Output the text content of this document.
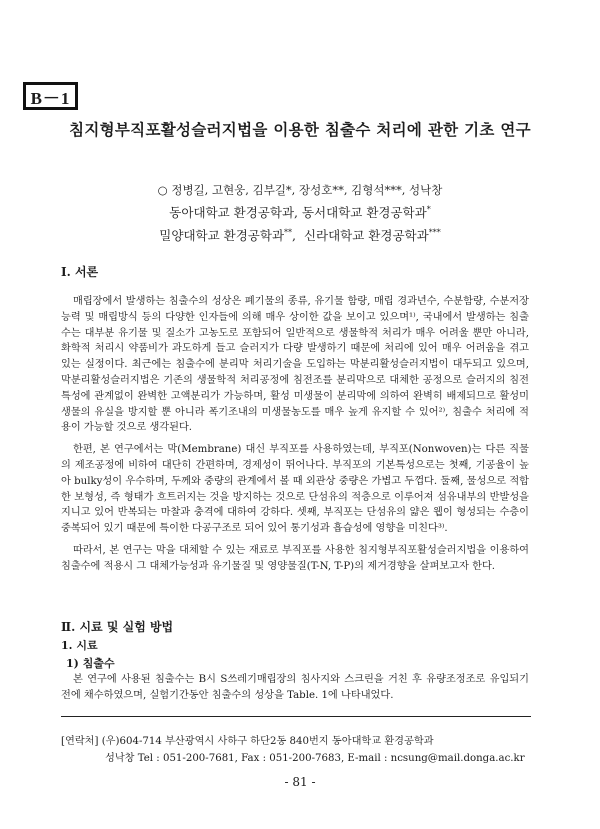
B－1
침지형부직포활성슬러지법을 이용한 침출수 처리에 관한 기초 연구
○ 정병길, 고현웅, 김부길*, 장성호**, 김형석***, 성낙창
동아대학교 환경공학과, 동서대학교 환경공학과*
밀양대학교 환경공학과**,  신라대학교 환경공학과***
Ⅰ. 서론

매립장에서 발생하는 침출수의 성상은 폐기물의 종류, 유기물 함량, 매립 경과년수, 수분함량, 수분저장능력 및 매립방식 등의 다양한 인자들에 의해 매우 상이한 값을 보이고 있으며¹⁾, 국내에서 발생하는 침출수는 대부분 유기물 및 질소가 고농도로 포함되어 일반적으로 생물학적 처리가 매우 어려울 뿐만 아니라, 화학적 처리시 약품비가 과도하게 들고 슬러지가 다량 발생하기 때문에 처리에 있어 매우 어려움을 겪고 있는 실정이다. 최근에는 침출수에 분리막 처리기술을 도입하는 막분리활성슬러지법이 대두되고 있으며, 막분리활성슬러지법은 기존의 생물학적 처리공정에 침전조를 분리막으로 대체한 공정으로 슬러지의 침전특성에 관계없이 완벽한 고액분리가 가능하며, 활성 미생물이 분리막에 의하여 완벽히 배제되므로 활성미생물의 유실을 방지할 뿐 아니라 폭기조내의 미생물농도를 매우 높게 유지할 수 있어²⁾, 침출수 처리에 적용이 가능할 것으로 생각된다.

한편, 본 연구에서는 막(Membrane) 대신 부직포를 사용하였는데, 부직포(Nonwoven)는 다른 직물의 제조공정에 비하여 대단히 간편하며, 경제성이 뛰어나다. 부직포의 기본특성으로는 첫째, 기공율이 높아 bulky성이 우수하며, 두께와 중량의 관계에서 볼 때 외관상 중량은 가볍고 두껍다. 둘째, 물성으로 적합한 보형성, 즉 형태가 흐트러지는 것을 방지하는 것으로 단섬유의 적층으로 이루어져 섬유내부의 반발성을 지니고 있어 반복되는 마찰과 충격에 대하여 강하다. 셋째, 부직포는 단섬유의 얇은 웹이 형성되는 수층이 중복되어 있기 때문에 특이한 다공구조로 되어 있어 통기성과 흡습성에 영향을 미친다³⁾.

따라서, 본 연구는 막을 대체할 수 있는 재료로 부직포를 사용한 침지형부직포활성슬러지법을 이용하여 침출수에 적용시 그 대체가능성과 유기물질 및 영양물질(T-N, T-P)의 제거경향을 살펴보고자 한다.

Ⅱ. 시료 및 실험 방법
1. 시료
1) 침출수

본 연구에 사용된 침출수는 B시 S쓰레기매립장의 침사지와 스크린을 거친 후 유량조정조로 유입되기 전에 채수하였으며, 실험기간동안 침출수의 성상을 Table. 1에 나타내었다.

[연락처] (우)604-714 부산광역시 사하구 하단2동 840번지 동아대학교 환경공학과
성낙창 Tel : 051-200-7681, Fax : 051-200-7683, E-mail : ncsung@mail.donga.ac.kr
- 81 -
